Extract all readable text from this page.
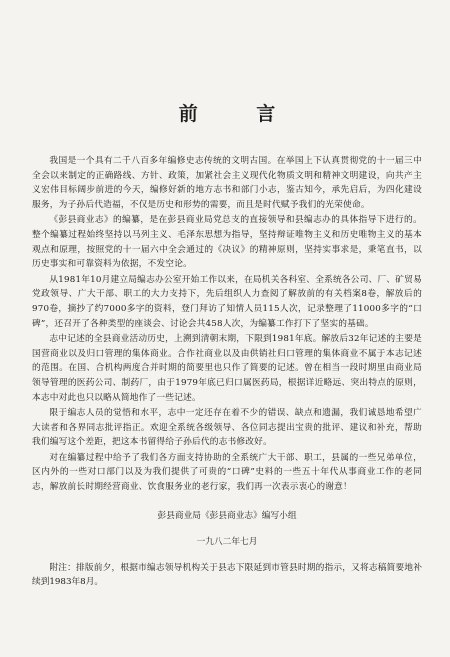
前 言

我国是一个具有二千八百多年编修史志传统的文明古国。在举国上下认真贯彻党的十一届三中全会以来制定的正确路线、方针、政策，加紧社会主义现代化物质文明和精神文明建设，向共产主义宏伟目标阔步前进的今天，编修好新的地方志书和部门小志，鉴古知今，承先启后，为四化建设服务，为子孙后代造福，不仅是历史和形势的需要，而且是时代赋予我们的光荣使命。

《彭县商业志》的编纂，是在彭县商业局党总支的直接领导和县编志办的具体指导下进行的。整个编纂过程始终坚持以马列主义、毛泽东思想为指导，坚持辩证唯物主义和历史唯物主义的基本观点和原理，按照党的十一届六中全会通过的《决议》的精神原则，坚持实事求是，秉笔直书，以历史事实和可靠资料为依据，不发空论。

从1981年10月建立局编志办公室开始工作以来，在局机关各科室、全系统各公司、厂、矿贸易党政领导、广大干部、职工的大力支持下，先后组织人力查阅了解放前的有关档案8卷，解放后的970卷，摘抄了约7000多字的资料，登门拜访了知情人员115人次，记录整理了11000多字的“口碑”，还召开了各种类型的座谈会、讨论会共458人次，为编纂工作打下了坚实的基础。

志中记述的全县商业活动历史，上溯到清朝末期，下限到1981年底。解放后32年记述的主要是国营商业以及归口管理的集体商业。合作社商业以及由供销社归口管理的集体商业不属于本志记述的范围。在国、合机构两度合并时期的简要里也只作了简要的记述。曾在相当一段时期里由商业局领导管理的医药公司、制药厂，由于1979年底已归口属医药局，根据详近略远、突出特点的原则，本志中对此也只以略从简地作了一些记述。

限于编志人员的觉悟和水平，志中一定还存在着不少的错误、缺点和遗漏，我们诚恳地希望广大读者和各界同志批评指正。欢迎全系统各级领导、各位同志提出宝贵的批评、建议和补充，帮助我们编写这个差距，把这本书留得给子孙后代的志书修改好。

对在编纂过程中给予了我们各方面支持协助的全系统广大干部、职工，县属的一些兄弟单位，区内外的一些对口部门以及为我们提供了可贵的“口碑”史料的一些五十年代从事商业工作的老同志，解放前长时期经营商业、饮食服务业的老行家，我们再一次表示衷心的谢意！

彭县商业局《彭县商业志》编写小组

一九八二年七月

附注：排版前夕，根据市编志领导机构关于县志下限延到市管县时期的指示，又将志稿简要地补续到1983年8月。
